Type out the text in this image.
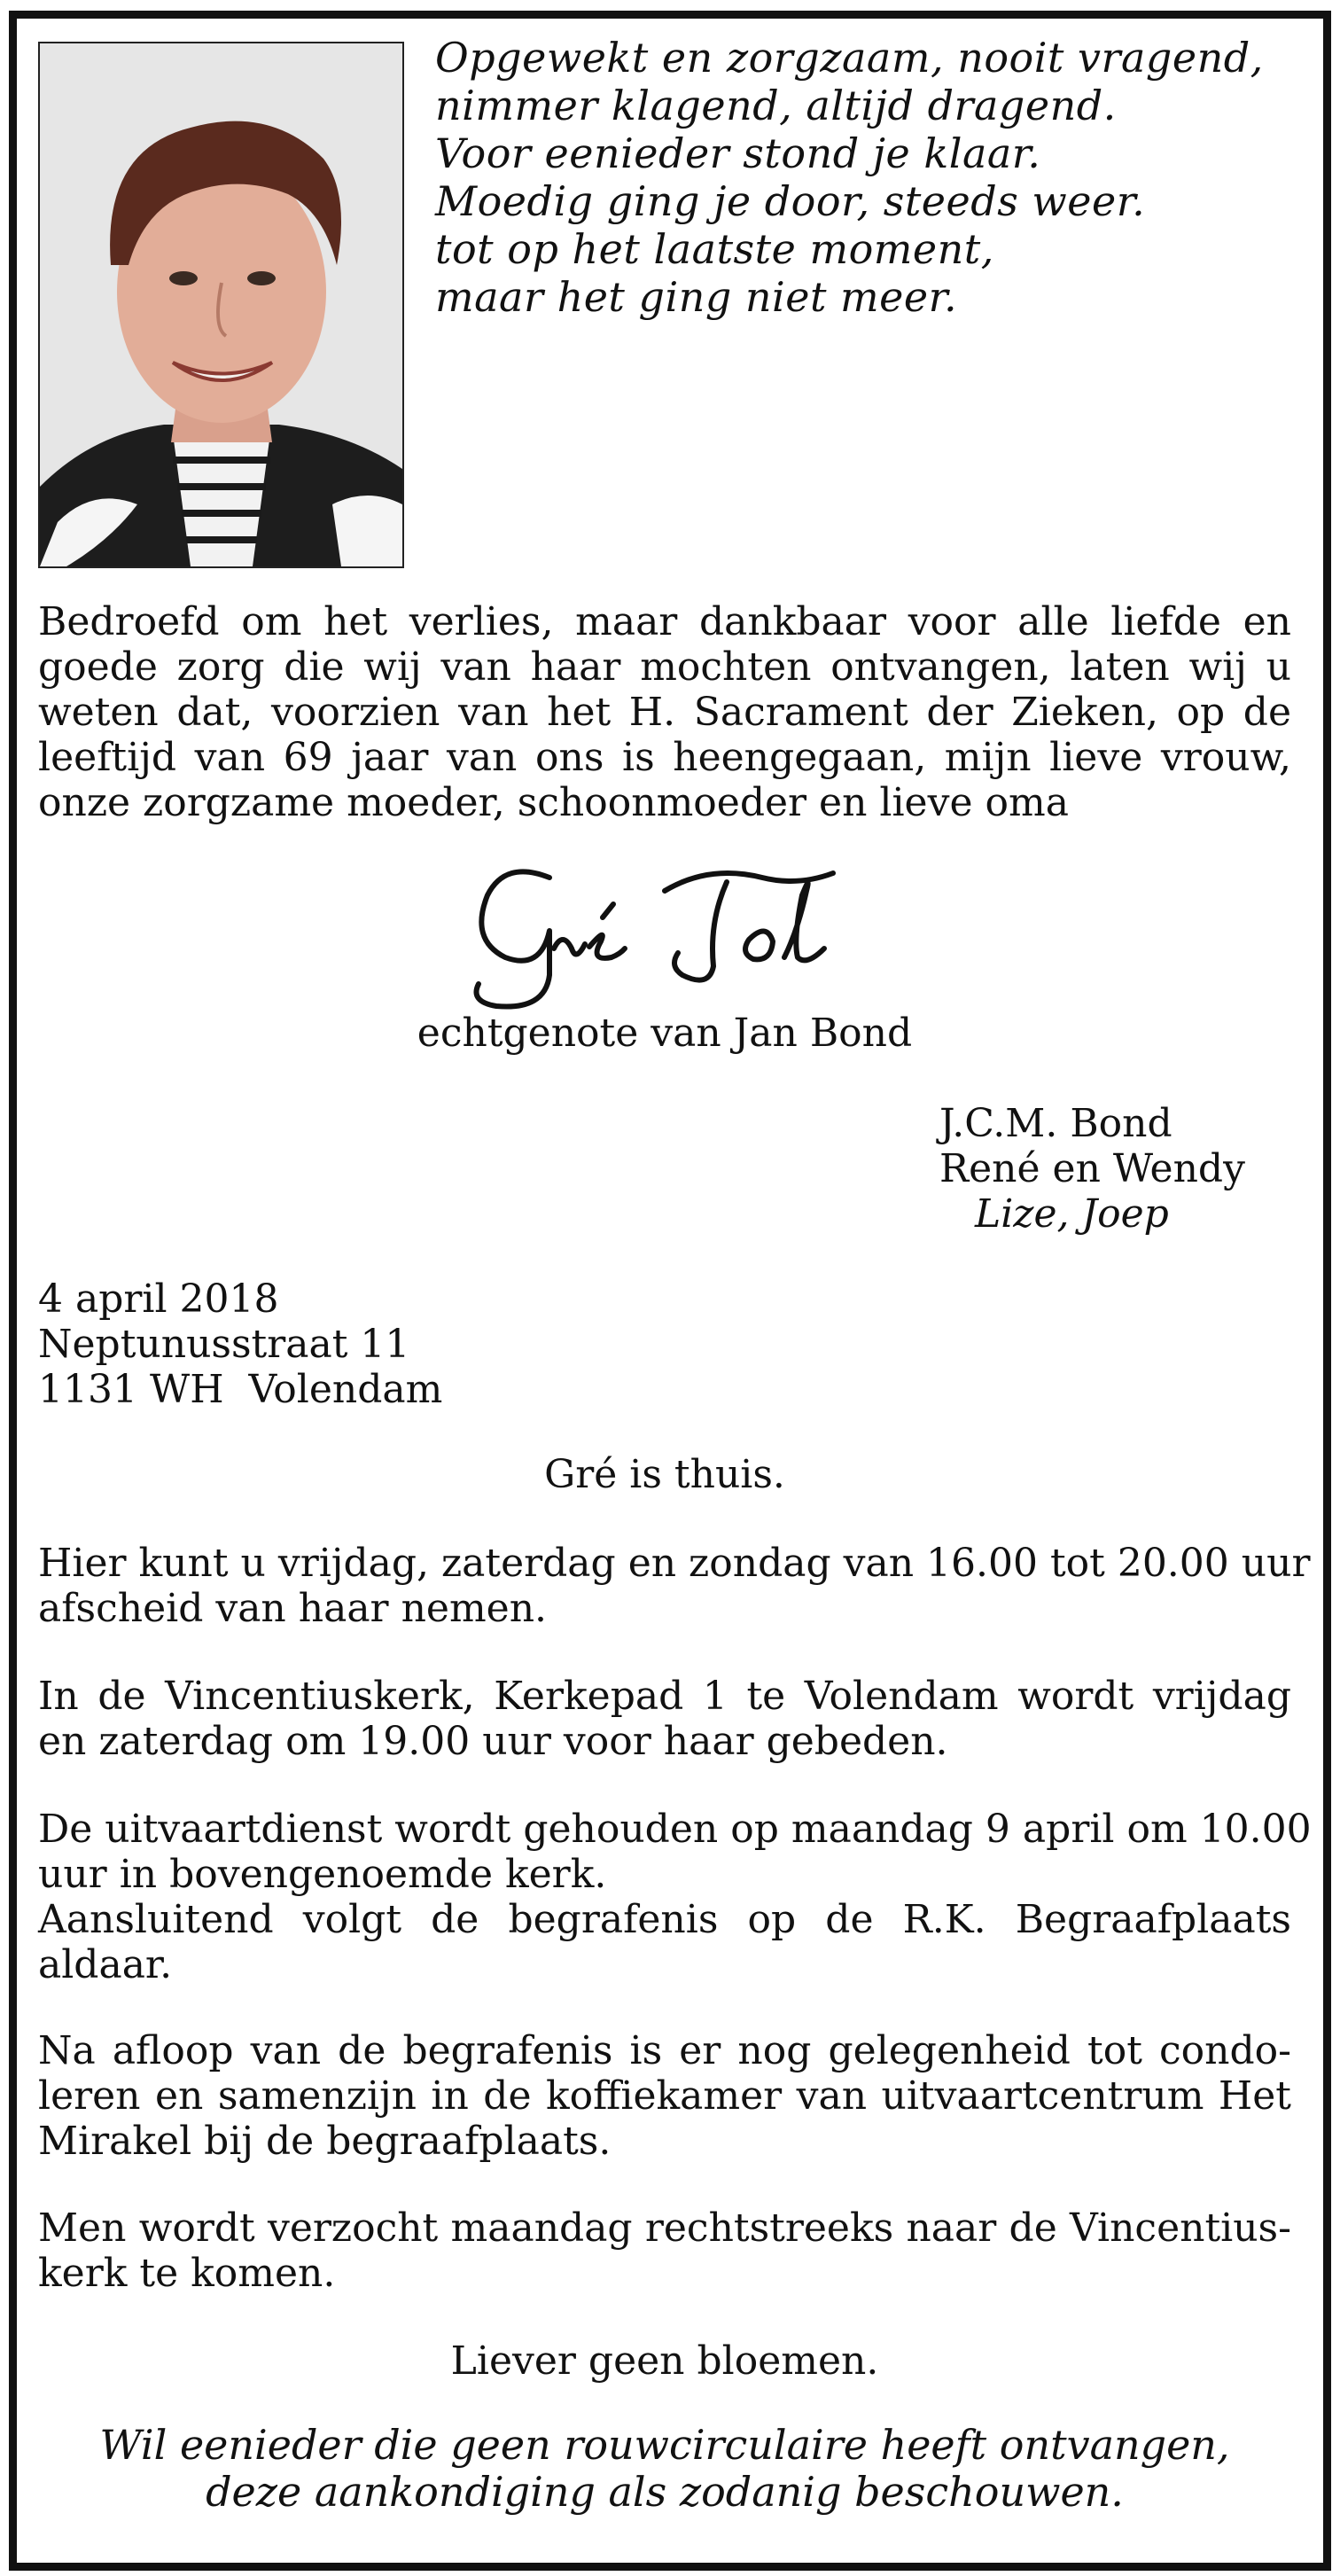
Opgewekt en zorgzaam, nooit vragend,
nimmer klagend, altijd dragend.
Voor eenieder stond je klaar.
Moedig ging je door, steeds weer.
tot op het laatste moment,
maar het ging niet meer.
Bedroefd om het verlies, maar dankbaar voor alle liefde en
goede zorg die wij van haar mochten ontvangen, laten wij u
weten dat, voorzien van het H. Sacrament der Zieken, op de
leeftijd van 69 jaar van ons is heengegaan, mijn lieve vrouw,
onze zorgzame moeder, schoonmoeder en lieve oma
echtgenote van Jan Bond
J.C.M. Bond
René en Wendy
Lize, Joep
4 april 2018
Neptunusstraat 11
1131 WH  Volendam
Gré is thuis.
Hier kunt u vrijdag, zaterdag en zondag van 16.00 tot 20.00 uur
afscheid van haar nemen.
In de Vincentiuskerk, Kerkepad 1 te Volendam wordt vrijdag
en zaterdag om 19.00 uur voor haar gebeden.
De uitvaartdienst wordt gehouden op maandag 9 april om 10.00
uur in bovengenoemde kerk.
Aansluitend volgt de begrafenis op de R.K. Begraafplaats
aldaar.
Na afloop van de begrafenis is er nog gelegenheid tot condo-
leren en samenzijn in de koffiekamer van uitvaartcentrum Het
Mirakel bij de begraafplaats.
Men wordt verzocht maandag rechtstreeks naar de Vincentius-
kerk te komen.
Liever geen bloemen.
Wil eenieder die geen rouwcirculaire heeft ontvangen,
deze aankondiging als zodanig beschouwen.
